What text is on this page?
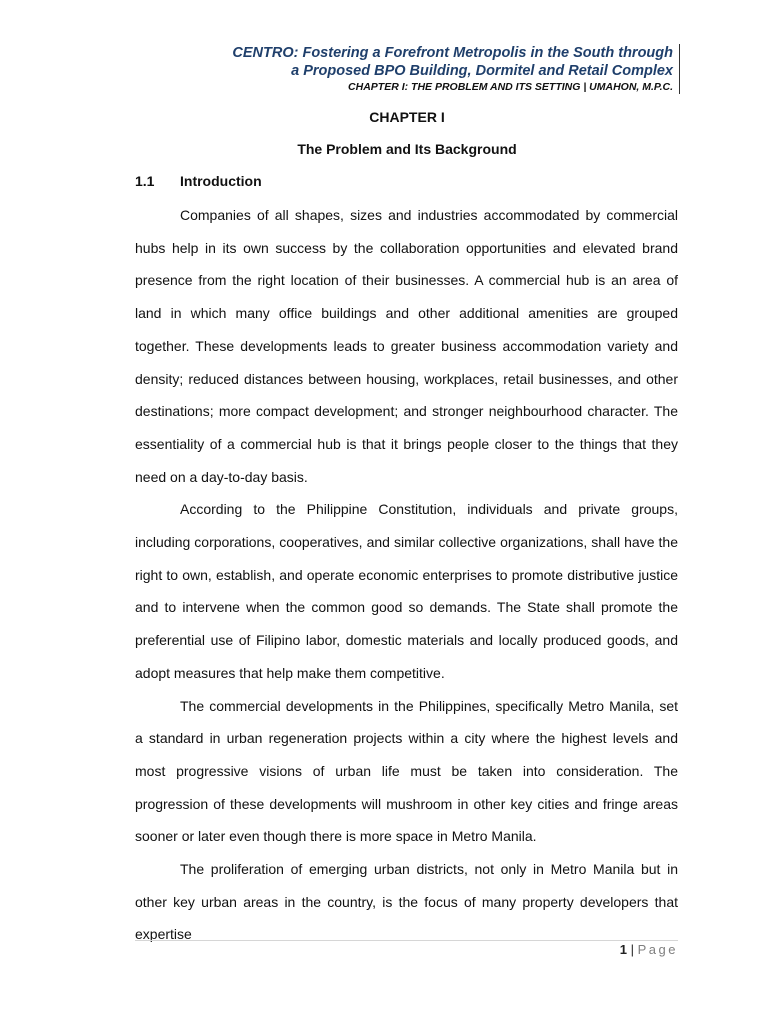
CENTRO: Fostering a Forefront Metropolis in the South through
a Proposed BPO Building, Dormitel and Retail Complex
CHAPTER I: THE PROBLEM AND ITS SETTING | UMAHON, M.P.C.
CHAPTER I
The Problem and Its Background
1.1 Introduction

Companies of all shapes, sizes and industries accommodated by commercial hubs help in its own success by the collaboration opportunities and elevated brand presence from the right location of their businesses. A commercial hub is an area of land in which many office buildings and other additional amenities are grouped together. These developments leads to greater business accommodation variety and density; reduced distances between housing, workplaces, retail businesses, and other destinations; more compact development; and stronger neighbourhood character. The essentiality of a commercial hub is that it brings people closer to the things that they need on a day-to-day basis.

According to the Philippine Constitution, individuals and private groups, including corporations, cooperatives, and similar collective organizations, shall have the right to own, establish, and operate economic enterprises to promote distributive justice and to intervene when the common good so demands. The State shall promote the preferential use of Filipino labor, domestic materials and locally produced goods, and adopt measures that help make them competitive.

The commercial developments in the Philippines, specifically Metro Manila, set a standard in urban regeneration projects within a city where the highest levels and most progressive visions of urban life must be taken into consideration. The progression of these developments will mushroom in other key cities and fringe areas sooner or later even though there is more space in Metro Manila.

The proliferation of emerging urban districts, not only in Metro Manila but in other key urban areas in the country, is the focus of many property developers that expertise

1 | Page
